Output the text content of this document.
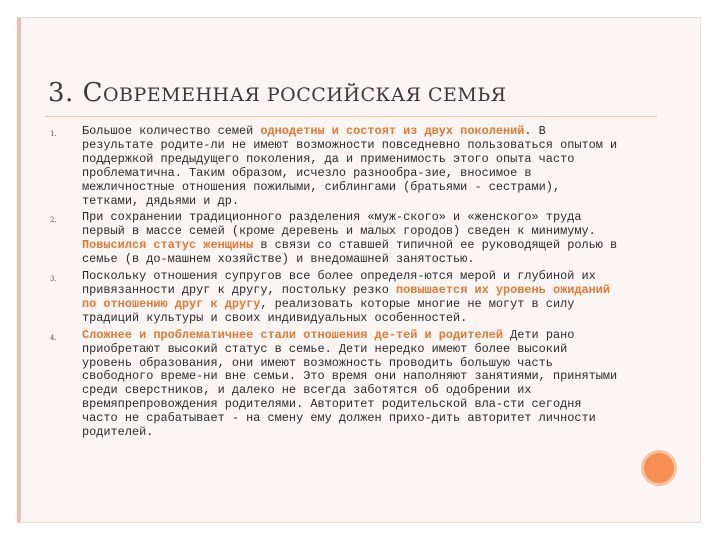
3. СОВРЕМЕННАЯ РОССИЙСКАЯ СЕМЬЯ
1. Большое количество семей однодетны и состоят из двух поколений. В результате родите-ли не имеют возможности повседневно пользоваться опытом и поддержкой предыдущего поколения, да и применимость этого опыта часто проблематична. Таким образом, исчезло разнообра-зие, вносимое в межличностные отношения пожилыми, сиблингами (братьями - сестрами), тетками, дядьями и др.
2. При сохранении традиционного разделения «муж-ского» и «женского» труда первый в массе семей (кроме деревень и малых городов) сведен к минимуму. Повысился статус женщины в связи со ставшей типичной ее руководящей ролью в семье (в до-машнем хозяйстве) и внедомашней занятостью.
3. Поскольку отношения супругов все более определя-ются мерой и глубиной их привязанности друг к другу, постольку резко повышается их уровень ожиданий по отношению друг к другу, реализовать которые многие не могут в силу традиций культуры и своих индивидуальных особенностей.
4. Сложнее и проблематичнее стали отношения де-тей и родителей Дети рано приобретают высокий статус в семье. Дети нередко имеют более высокий уровень образования, они имеют возможность проводить большую часть свободного време-ни вне семьи. Это время они наполняют занятиями, принятыми среди сверстников, и далеко не всегда заботятся об одобрении их времяпрепровождения родителями. Авторитет родительской вла-сти сегодня часто не срабатывает - на смену ему должен прихо-дить авторитет личности родителей.
